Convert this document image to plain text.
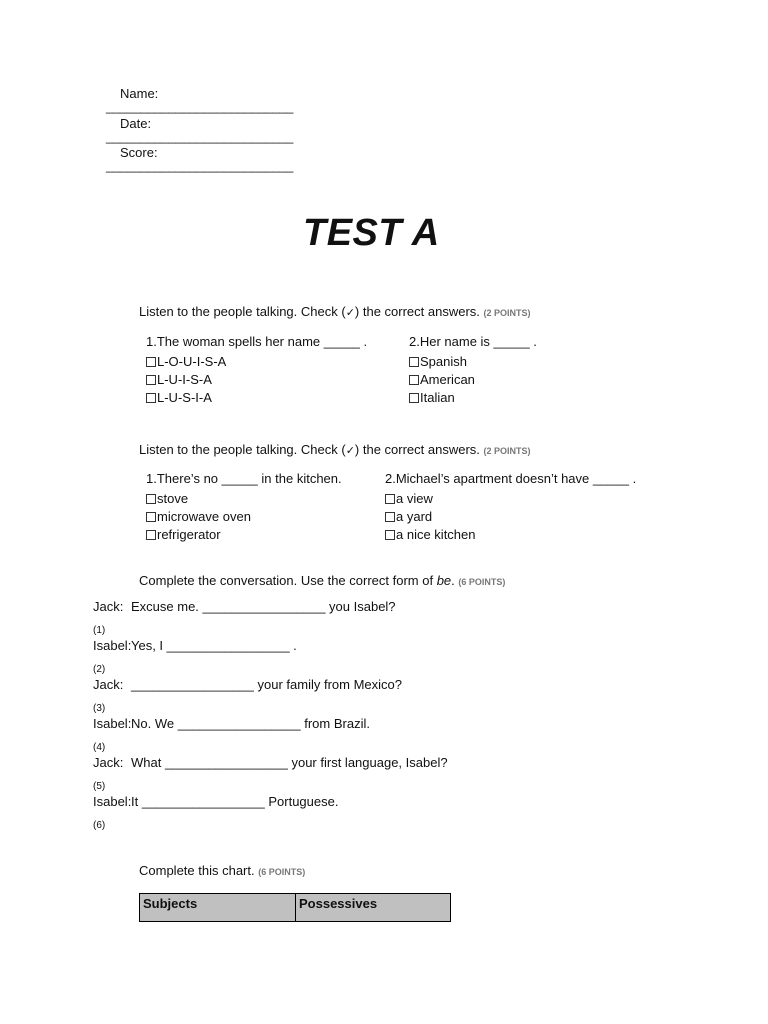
Name:
___________________________
Date:
___________________________
Score:
___________________________
TEST A
Listen to the people talking. Check (✓) the correct answers. (2 POINTS)
1.The woman spells her name _____ .
L-O-U-I-S-A
L-U-I-S-A
L-U-S-I-A
2.Her name is _____ .
Spanish
American
Italian
Listen to the people talking. Check (✓) the correct answers. (2 POINTS)
1.There’s no _____ in the kitchen.
stove
microwave oven
refrigerator
2.Michael’s apartment doesn’t have _____ .
a view
a yard
a nice kitchen
Complete the conversation. Use the correct form of be. (6 POINTS)
Jack: Excuse me. _________________ you Isabel?
(1)
Isabel:Yes, I _________________ .
(2)
Jack: _________________ your family from Mexico?
(3)
Isabel:No. We _________________ from Brazil.
(4)
Jack: What _________________ your first language, Isabel?
(5)
Isabel:It _________________ Portuguese.
(6)
Complete this chart. (6 POINTS)
Subjects	Possessives
